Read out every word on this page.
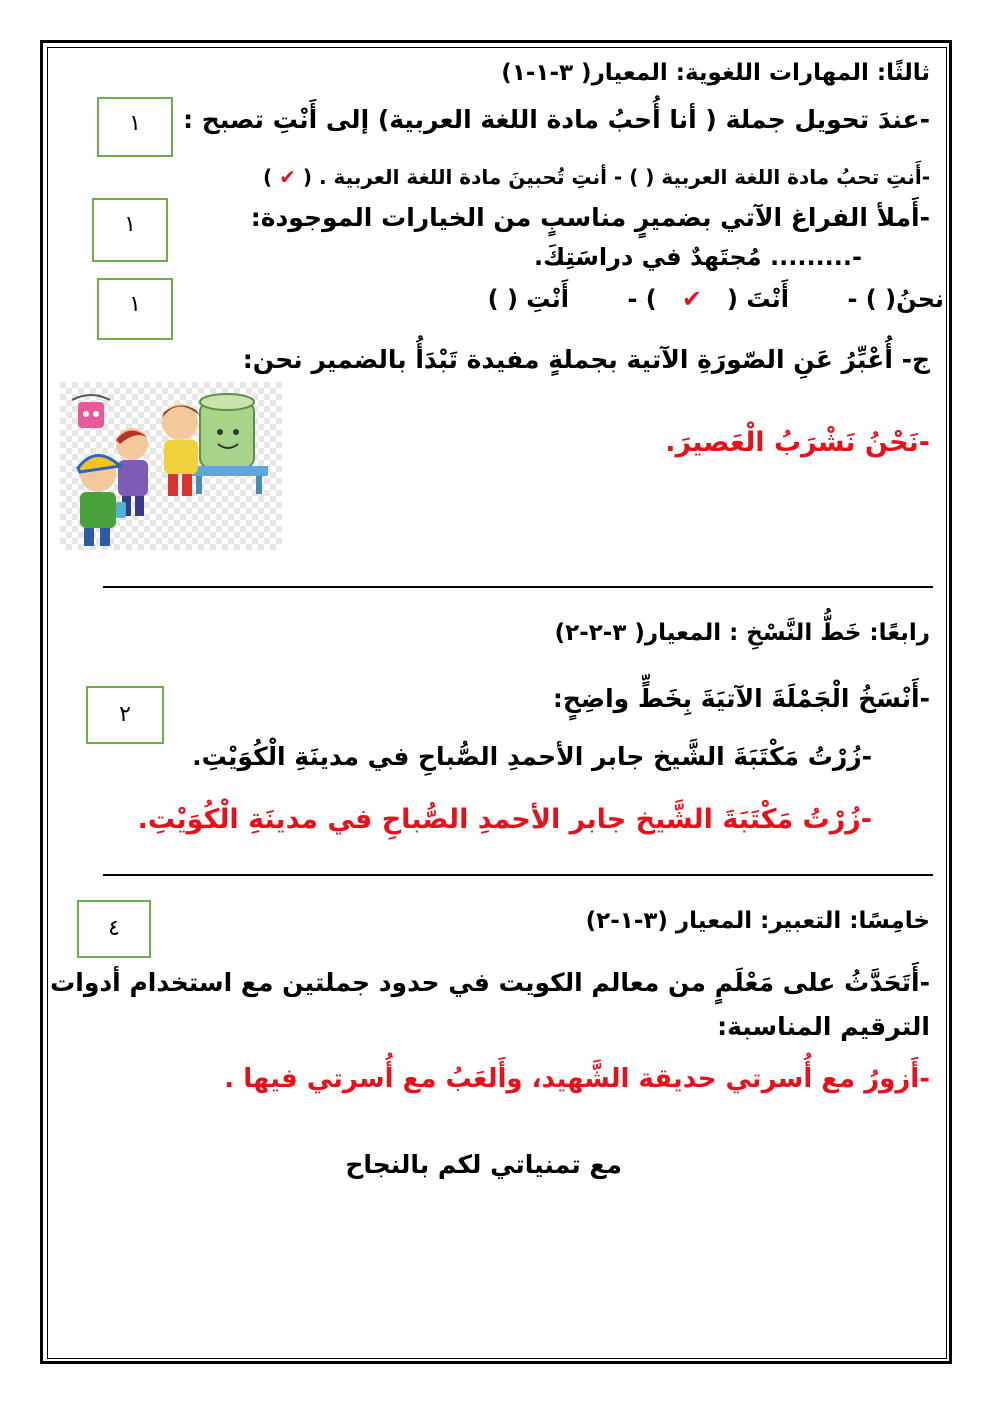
ثالثًا: المهارات اللغوية: المعيار( ٣-١-١)
-عندَ تحويل جملة ( أنا أُحبُ مادة اللغة العربية) إلى أَنْتِ تصبح :
١
-أَنتِ تحبُ مادة اللغة العربية ( ) - أنتِ تُحبينَ مادة اللغة العربية . ( ✔ )
-أَملأ الفراغ الآتي بضميرٍ مناسبٍ من الخيارات الموجودة:
١
-......... مُجتَهدٌ في دراسَتِكَ.
نحنُ( ) -       أَنْتَ (   ✔   ) -       أَنْتِ ( )
١
ج- أُعْبِّرُ عَنِ الصّورَةِ الآتية بجملةٍ مفيدة تَبْدَأُ بالضمير نحن:
-نَحْنُ نَشْرَبُ الْعَصيرَ.
رابعًا: خَطُّ النَّسْخِ : المعيار( ٣-٢-٢)
-أَنْسَخُ الْجَمْلَةَ الآتيَةَ بِخَطٍّ واضِحٍ:
٢
-زُرْتُ مَكْتَبَةَ الشَّيخ جابر الأحمدِ الصُّباحِ في مدينَةِ الْكُوَيْتِ.
-زُرْتُ مَكْتَبَةَ الشَّيخ جابر الأحمدِ الصُّباحِ في مدينَةِ الْكُوَيْتِ.
خامِسًا: التعبير: المعيار (٣-١-٢)
٤
-أَتَحَدَّثُ على مَعْلَمٍ من معالم الكويت في حدود جملتين مع استخدام أدوات
الترقيم المناسبة:
-أَزورُ مع أُسرتي حديقة الشَّهيد، وأَلعَبُ مع أُسرتي فيها .
مع تمنياتي لكم بالنجاح
